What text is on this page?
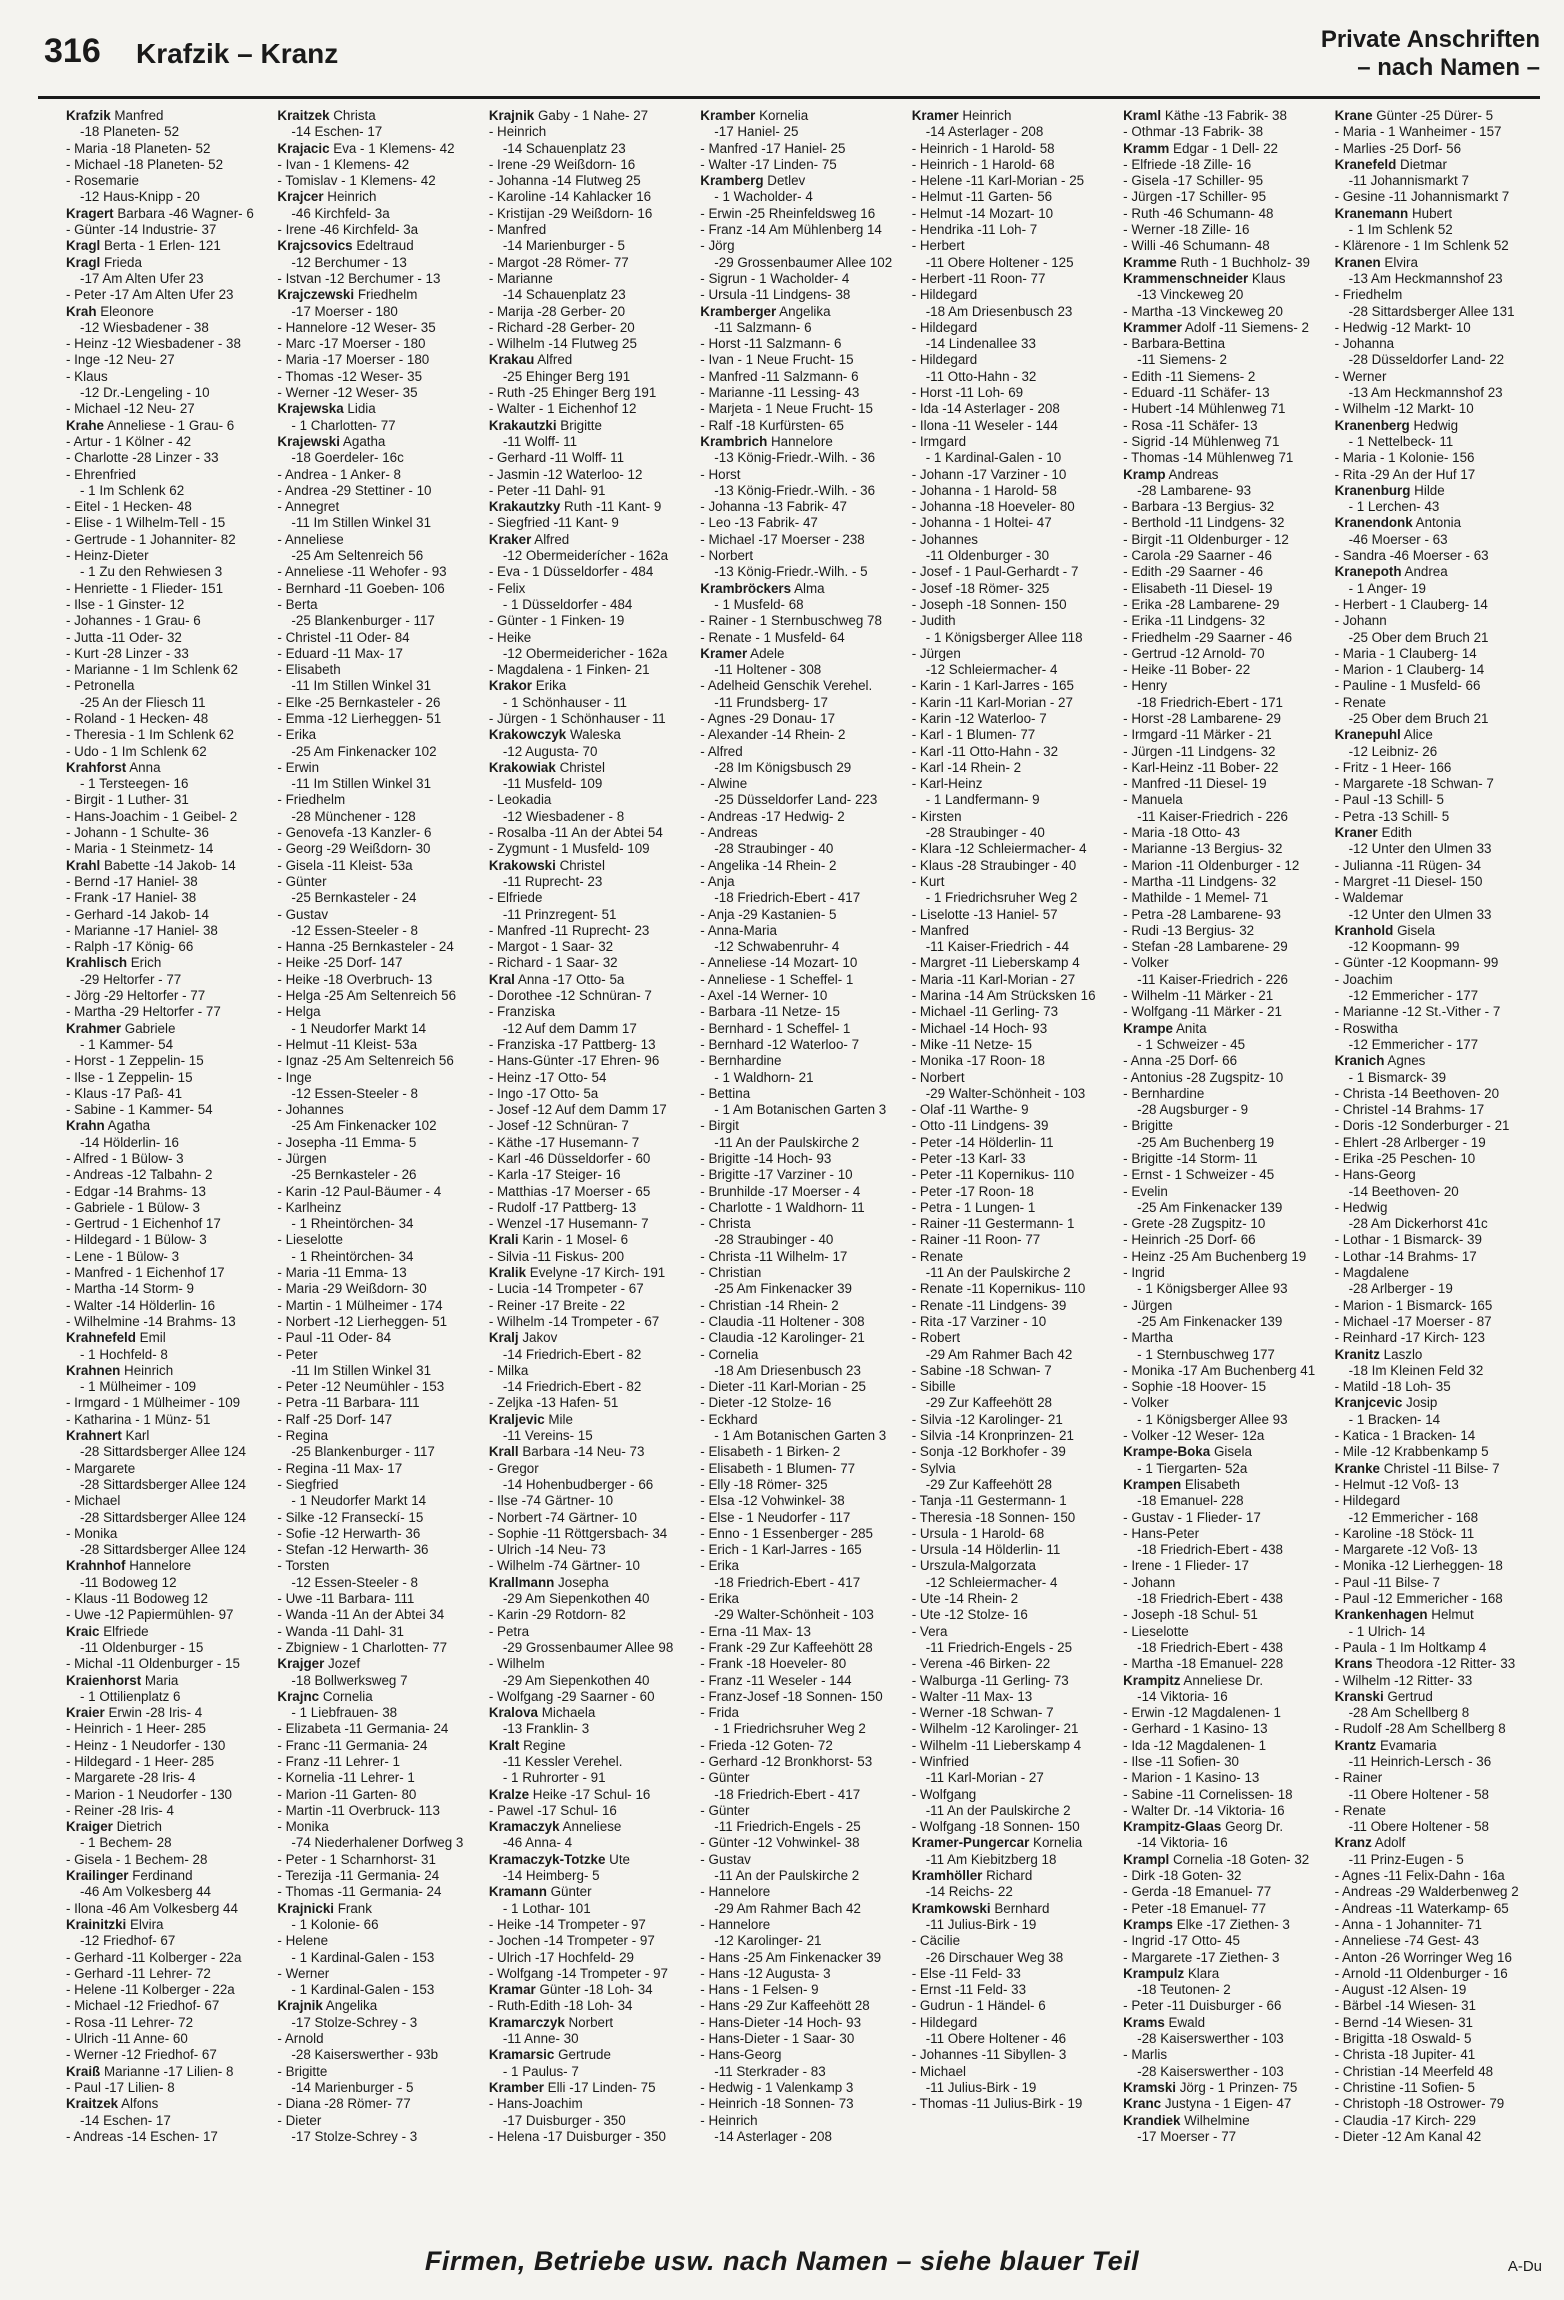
316 Krafzik – Kranz	Private Anschriften
– nach Namen –
Krafzik Manfred
-18 Planeten- 52
- Maria -18 Planeten- 52
- Michael -18 Planeten- 52
- Rosemarie
-12 Haus-Knipp - 20
Kragert Barbara -46 Wagner- 6
- Günter -14 Industrie- 37
Kragl Berta - 1 Erlen- 121
Kragl Frieda
-17 Am Alten Ufer 23
- Peter -17 Am Alten Ufer 23
Krah Eleonore
-12 Wiesbadener - 38
- Heinz -12 Wiesbadener - 38
- Inge -12 Neu- 27
- Klaus
-12 Dr.-Lengeling - 10
- Michael -12 Neu- 27
Krahe Anneliese - 1 Grau- 6
- Artur - 1 Kölner - 42
- Charlotte -28 Linzer - 33
- Ehrenfried
- 1 Im Schlenk 62
- Eitel - 1 Hecken- 48
- Elise - 1 Wilhelm-Tell - 15
- Gertrude - 1 Johanniter- 82
- Heinz-Dieter
- 1 Zu den Rehwiesen 3
- Henriette - 1 Flieder- 151
- Ilse - 1 Ginster- 12
- Johannes - 1 Grau- 6
- Jutta -11 Oder- 32
- Kurt -28 Linzer - 33
- Marianne - 1 Im Schlenk 62
- Petronella
-25 An der Fliesch 11
- Roland - 1 Hecken- 48
- Theresia - 1 Im Schlenk 62
- Udo - 1 Im Schlenk 62
Krahforst Anna
- 1 Tersteegen- 16
- Birgit - 1 Luther- 31
- Hans-Joachim - 1 Geibel- 2
- Johann - 1 Schulte- 36
- Maria - 1 Steinmetz- 14
Krahl Babette -14 Jakob- 14
- Bernd -17 Haniel- 38
- Frank -17 Haniel- 38
- Gerhard -14 Jakob- 14
- Marianne -17 Haniel- 38
- Ralph -17 König- 66
Krahlisch Erich
-29 Heltorfer - 77
- Jörg -29 Heltorfer - 77
- Martha -29 Heltorfer - 77
Krahmer Gabriele
- 1 Kammer- 54
- Horst - 1 Zeppelin- 15
- Ilse - 1 Zeppelin- 15
- Klaus -17 Paß- 41
- Sabine - 1 Kammer- 54
Krahn Agatha
-14 Hölderlin- 16
- Alfred - 1 Bülow- 3
- Andreas -12 Talbahn- 2
- Edgar -14 Brahms- 13
- Gabriele - 1 Bülow- 3
- Gertrud - 1 Eichenhof 17
- Hildegard - 1 Bülow- 3
- Lene - 1 Bülow- 3
- Manfred - 1 Eichenhof 17
- Martha -14 Storm- 9
- Walter -14 Hölderlin- 16
- Wilhelmine -14 Brahms- 13
Krahnefeld Emil
- 1 Hochfeld- 8
Krahnen Heinrich
- 1 Mülheimer - 109
- Irmgard - 1 Mülheimer - 109
- Katharina - 1 Münz- 51
Krahnert Karl
-28 Sittardsberger Allee 124
- Margarete
-28 Sittardsberger Allee 124
- Michael
-28 Sittardsberger Allee 124
- Monika
-28 Sittardsberger Allee 124
Krahnhof Hannelore
-11 Bodoweg 12
- Klaus -11 Bodoweg 12
- Uwe -12 Papiermühlen- 97
Kraic Elfriede
-11 Oldenburger - 15
- Michal -11 Oldenburger - 15
Kraienhorst Maria
- 1 Ottilienplatz 6
Kraier Erwin -28 Iris- 4
- Heinrich - 1 Heer- 285
- Heinz - 1 Neudorfer - 130
- Hildegard - 1 Heer- 285
- Margarete -28 Iris- 4
- Marion - 1 Neudorfer - 130
- Reiner -28 Iris- 4
Kraiger Dietrich
- 1 Bechem- 28
- Gisela - 1 Bechem- 28
Krailinger Ferdinand
-46 Am Volkesberg 44
- Ilona -46 Am Volkesberg 44
Krainitzki Elvira
-12 Friedhof- 67
- Gerhard -11 Kolberger - 22a
- Gerhard -11 Lehrer- 72
- Helene -11 Kolberger - 22a
- Michael -12 Friedhof- 67
- Rosa -11 Lehrer- 72
- Ulrich -11 Anne- 60
- Werner -12 Friedhof- 67
Kraiß Marianne -17 Lilien- 8
- Paul -17 Lilien- 8
Kraitzek Alfons
-14 Eschen- 17
- Andreas -14 Eschen- 17
Kraitzek Christa
-14 Eschen- 17
Krajacic Eva - 1 Klemens- 42
- Ivan - 1 Klemens- 42
- Tomislav - 1 Klemens- 42
Krajcer Heinrich
-46 Kirchfeld- 3a
- Irene -46 Kirchfeld- 3a
Krajcsovics Edeltraud
-12 Berchumer - 13
- Istvan -12 Berchumer - 13
Krajczewski Friedhelm
-17 Moerser - 180
- Hannelore -12 Weser- 35
- Marc -17 Moerser - 180
- Maria -17 Moerser - 180
- Thomas -12 Weser- 35
- Werner -12 Weser- 35
Krajewska Lidia
- 1 Charlotten- 77
Krajewski Agatha
-18 Goerdeler- 16c
- Andrea - 1 Anker- 8
- Andrea -29 Stettiner - 10
- Annegret
-11 Im Stillen Winkel 31
- Anneliese
-25 Am Seltenreich 56
- Anneliese -11 Wehofer - 93
- Bernhard -11 Goeben- 106
- Berta
-25 Blankenburger - 117
- Christel -11 Oder- 84
- Eduard -11 Max- 17
- Elisabeth
-11 Im Stillen Winkel 31
- Elke -25 Bernkasteler - 26
- Emma -12 Lierheggen- 51
- Erika
-25 Am Finkenacker 102
- Erwin
-11 Im Stillen Winkel 31
- Friedhelm
-28 Münchener - 128
- Genovefa -13 Kanzler- 6
- Georg -29 Weißdorn- 30
- Gisela -11 Kleist- 53a
- Günter
-25 Bernkasteler - 24
- Gustav
-12 Essen-Steeler - 8
- Hanna -25 Bernkasteler - 24
- Heike -25 Dorf- 147
- Heike -18 Overbruch- 13
- Helga -25 Am Seltenreich 56
- Helga
- 1 Neudorfer Markt 14
- Helmut -11 Kleist- 53a
- Ignaz -25 Am Seltenreich 56
- Inge
-12 Essen-Steeler - 8
- Johannes
-25 Am Finkenacker 102
- Josepha -11 Emma- 5
- Jürgen
-25 Bernkasteler - 26
- Karin -12 Paul-Bäumer - 4
- Karlheinz
- 1 Rheintörchen- 34
- Lieselotte
- 1 Rheintörchen- 34
- Maria -11 Emma- 13
- Maria -29 Weißdorn- 30
- Martin - 1 Mülheimer - 174
- Norbert -12 Lierheggen- 51
- Paul -11 Oder- 84
- Peter
-11 Im Stillen Winkel 31
- Peter -12 Neumühler - 153
- Petra -11 Barbara- 111
- Ralf -25 Dorf- 147
- Regina
-25 Blankenburger - 117
- Regina -11 Max- 17
- Siegfried
- 1 Neudorfer Markt 14
- Silke -12 Franseckí- 15
- Sofie -12 Herwarth- 36
- Stefan -12 Herwarth- 36
- Torsten
-12 Essen-Steeler - 8
- Uwe -11 Barbara- 111
- Wanda -11 An der Abtei 34
- Wanda -11 Dahl- 31
- Zbigniew - 1 Charlotten- 77
Krajger Jozef
-18 Bollwerksweg 7
Krajnc Cornelia
- 1 Liebfrauen- 38
- Elizabeta -11 Germania- 24
- Franc -11 Germania- 24
- Franz -11 Lehrer- 1
- Kornelia -11 Lehrer- 1
- Marion -11 Garten- 80
- Martin -11 Overbruck- 113
- Monika
-74 Niederhalener Dorfweg 3
- Peter - 1 Scharnhorst- 31
- Terezija -11 Germania- 24
- Thomas -11 Germania- 24
Krajnicki Frank
- 1 Kolonie- 66
- Helene
- 1 Kardinal-Galen - 153
- Werner
- 1 Kardinal-Galen - 153
Krajnik Angelika
-17 Stolze-Schrey - 3
- Arnold
-28 Kaiserswerther - 93b
- Brigitte
-14 Marienburger - 5
- Diana -28 Römer- 77
- Dieter
-17 Stolze-Schrey - 3
Krajnik Gaby - 1 Nahe- 27
- Heinrich
-14 Schauenplatz 23
- Irene -29 Weißdorn- 16
- Johanna -14 Flutweg 25
- Karoline -14 Kahlacker 16
- Kristijan -29 Weißdorn- 16
- Manfred
-14 Marienburger - 5
- Margot -28 Römer- 77
- Marianne
-14 Schauenplatz 23
- Marija -28 Gerber- 20
- Richard -28 Gerber- 20
- Wilhelm -14 Flutweg 25
Krakau Alfred
-25 Ehinger Berg 191
- Ruth -25 Ehinger Berg 191
- Walter - 1 Eichenhof 12
Krakautzki Brigitte
-11 Wolff- 11
- Gerhard -11 Wolff- 11
- Jasmin -12 Waterloo- 12
- Peter -11 Dahl- 91
Krakautzky Ruth -11 Kant- 9
- Siegfried -11 Kant- 9
Kraker Alfred
-12 Obermeiderícher - 162a
- Eva - 1 Düsseldorfer - 484
- Felix
- 1 Düsseldorfer - 484
- Günter - 1 Finken- 19
- Heike
-12 Obermeidericher - 162a
- Magdalena - 1 Finken- 21
Krakor Erika
- 1 Schönhauser - 11
- Jürgen - 1 Schönhauser - 11
Krakowczyk Waleska
-12 Augusta- 70
Krakowiak Christel
-11 Musfeld- 109
- Leokadia
-12 Wiesbadener - 8
- Rosalba -11 An der Abtei 54
- Zygmunt - 1 Musfeld- 109
Krakowski Christel
-11 Ruprecht- 23
- Elfriede
-11 Prinzregent- 51
- Manfred -11 Ruprecht- 23
- Margot - 1 Saar- 32
- Richard - 1 Saar- 32
Kral Anna -17 Otto- 5a
- Dorothee -12 Schnüran- 7
- Franziska
-12 Auf dem Damm 17
- Franziska -17 Pattberg- 13
- Hans-Günter -17 Ehren- 96
- Heinz -17 Otto- 54
- Ingo -17 Otto- 5a
- Josef -12 Auf dem Damm 17
- Josef -12 Schnüran- 7
- Käthe -17 Husemann- 7
- Karl -46 Düsseldorfer - 60
- Karla -17 Steiger- 16
- Matthias -17 Moerser - 65
- Rudolf -17 Pattberg- 13
- Wenzel -17 Husemann- 7
Krali Karin - 1 Mosel- 6
- Silvia -11 Fiskus- 200
Kralik Evelyne -17 Kirch- 191
- Lucia -14 Trompeter - 67
- Reiner -17 Breite - 22
- Wilhelm -14 Trompeter - 67
Kralj Jakov
-14 Friedrich-Ebert - 82
- Milka
-14 Friedrich-Ebert - 82
- Zeljka -13 Hafen- 51
Kraljevic Mile
-11 Vereins- 15
Krall Barbara -14 Neu- 73
- Gregor
-14 Hohenbudberger - 66
- Ilse -74 Gärtner- 10
- Norbert -74 Gärtner- 10
- Sophie -11 Röttgersbach- 34
- Ulrich -14 Neu- 73
- Wilhelm -74 Gärtner- 10
Krallmann Josepha
-29 Am Siepenkothen 40
- Karin -29 Rotdorn- 82
- Petra
-29 Grossenbaumer Allee 98
- Wilhelm
-29 Am Siepenkothen 40
- Wolfgang -29 Saarner - 60
Kralova Michaela
-13 Franklin- 3
Kralt Regine
-11 Kessler Verehel.
- 1 Ruhrorter - 91
Kralze Heike -17 Schul- 16
- Pawel -17 Schul- 16
Kramaczyk Anneliese
-46 Anna- 4
Kramaczyk-Totzke Ute
-14 Heimberg- 5
Kramann Günter
- 1 Lothar- 101
- Heike -14 Trompeter - 97
- Jochen -14 Trompeter - 97
- Ulrich -17 Hochfeld- 29
- Wolfgang -14 Trompeter - 97
Kramar Günter -18 Loh- 34
- Ruth-Edith -18 Loh- 34
Kramarczyk Norbert
-11 Anne- 30
Kramarsic Gertrude
- 1 Paulus- 7
Kramber Elli -17 Linden- 75
- Hans-Joachim
-17 Duisburger - 350
- Helena -17 Duisburger - 350
Kramber Kornelia
-17 Haniel- 25
- Manfred -17 Haniel- 25
- Walter -17 Linden- 75
Kramberg Detlev
- 1 Wacholder- 4
- Erwin -25 Rheinfeldsweg 16
- Franz -14 Am Mühlenberg 14
- Jörg
-29 Grossenbaumer Allee 102
- Sigrun - 1 Wacholder- 4
- Ursula -11 Lindgens- 38
Kramberger Angelika
-11 Salzmann- 6
- Horst -11 Salzmann- 6
- Ivan - 1 Neue Frucht- 15
- Manfred -11 Salzmann- 6
- Marianne -11 Lessing- 43
- Marjeta - 1 Neue Frucht- 15
- Ralf -18 Kurfürsten- 65
Krambrich Hannelore
-13 König-Friedr.-Wilh. - 36
- Horst
-13 König-Friedr.-Wilh. - 36
- Johanna -13 Fabrik- 47
- Leo -13 Fabrik- 47
- Michael -17 Moerser - 238
- Norbert
-13 König-Friedr.-Wilh. - 5
Krambröckers Alma
- 1 Musfeld- 68
- Rainer - 1 Sternbuschweg 78
- Renate - 1 Musfeld- 64
Kramer Adele
-11 Holtener - 308
- Adelheid Genschik Verehel.
-11 Frundsberg- 17
- Agnes -29 Donau- 17
- Alexander -14 Rhein- 2
- Alfred
-28 Im Königsbusch 29
- Alwine
-25 Düsseldorfer Land- 223
- Andreas -17 Hedwig- 2
- Andreas
-28 Straubinger - 40
- Angelika -14 Rhein- 2
- Anja
-18 Friedrich-Ebert - 417
- Anja -29 Kastanien- 5
- Anna-Maria
-12 Schwabenruhr- 4
- Anneliese -14 Mozart- 10
- Anneliese - 1 Scheffel- 1
- Axel -14 Werner- 10
- Barbara -11 Netze- 15
- Bernhard - 1 Scheffel- 1
- Bernhard -12 Waterloo- 7
- Bernhardine
- 1 Waldhorn- 21
- Bettina
- 1 Am Botanischen Garten 3
- Birgit
-11 An der Paulskirche 2
- Brigitte -14 Hoch- 93
- Brigitte -17 Varziner - 10
- Brunhilde -17 Moerser - 4
- Charlotte - 1 Waldhorn- 11
- Christa
-28 Straubinger - 40
- Christa -11 Wilhelm- 17
- Christian
-25 Am Finkenacker 39
- Christian -14 Rhein- 2
- Claudia -11 Holtener - 308
- Claudia -12 Karolinger- 21
- Cornelia
-18 Am Driesenbusch 23
- Dieter -11 Karl-Morian - 25
- Dieter -12 Stolze- 16
- Eckhard
- 1 Am Botanischen Garten 3
- Elisabeth - 1 Birken- 2
- Elisabeth - 1 Blumen- 77
- Elly -18 Römer- 325
- Elsa -12 Vohwinkel- 38
- Else - 1 Neudorfer - 117
- Enno - 1 Essenberger - 285
- Erich - 1 Karl-Jarres - 165
- Erika
-18 Friedrich-Ebert - 417
- Erika
-29 Walter-Schönheit - 103
- Erna -11 Max- 13
- Frank -29 Zur Kaffeehött 28
- Frank -18 Hoeveler- 80
- Franz -11 Weseler - 144
- Franz-Josef -18 Sonnen- 150
- Frida
- 1 Friedrichsruher Weg 2
- Frieda -12 Goten- 72
- Gerhard -12 Bronkhorst- 53
- Günter
-18 Friedrich-Ebert - 417
- Günter
-11 Friedrich-Engels - 25
- Günter -12 Vohwinkel- 38
- Gustav
-11 An der Paulskirche 2
- Hannelore
-29 Am Rahmer Bach 42
- Hannelore
-12 Karolinger- 21
- Hans -25 Am Finkenacker 39
- Hans -12 Augusta- 3
- Hans - 1 Felsen- 9
- Hans -29 Zur Kaffeehött 28
- Hans-Dieter -14 Hoch- 93
- Hans-Dieter - 1 Saar- 30
- Hans-Georg
-11 Sterkrader - 83
- Hedwig - 1 Valenkamp 3
- Heinrich -18 Sonnen- 73
- Heinrich
-14 Asterlager - 208
Kramer Heinrich
-14 Asterlager - 208
- Heinrich - 1 Harold- 58
- Heinrich - 1 Harold- 68
- Helene -11 Karl-Morian - 25
- Helmut -11 Garten- 56
- Helmut -14 Mozart- 10
- Hendrika -11 Loh- 7
- Herbert
-11 Obere Holtener - 125
- Herbert -11 Roon- 77
- Hildegard
-18 Am Driesenbusch 23
- Hildegard
-14 Lindenallee 33
- Hildegard
-11 Otto-Hahn - 32
- Horst -11 Loh- 69
- Ida -14 Asterlager - 208
- Ilona -11 Weseler - 144
- Irmgard
- 1 Kardinal-Galen - 10
- Johann -17 Varziner - 10
- Johanna - 1 Harold- 58
- Johanna -18 Hoeveler- 80
- Johanna - 1 Holtei- 47
- Johannes
-11 Oldenburger - 30
- Josef - 1 Paul-Gerhardt - 7
- Josef -18 Römer- 325
- Joseph -18 Sonnen- 150
- Judith
- 1 Königsberger Allee 118
- Jürgen
-12 Schleiermacher- 4
- Karin - 1 Karl-Jarres - 165
- Karin -11 Karl-Morian - 27
- Karin -12 Waterloo- 7
- Karl - 1 Blumen- 77
- Karl -11 Otto-Hahn - 32
- Karl -14 Rhein- 2
- Karl-Heinz
- 1 Landfermann- 9
- Kirsten
-28 Straubinger - 40
- Klara -12 Schleiermacher- 4
- Klaus -28 Straubinger - 40
- Kurt
- 1 Friedrichsruher Weg 2
- Liselotte -13 Haniel- 57
- Manfred
-11 Kaiser-Friedrich - 44
- Margret -11 Lieberskamp 4
- Maria -11 Karl-Morian - 27
- Marina -14 Am Strücksken 16
- Michael -11 Gerling- 73
- Michael -14 Hoch- 93
- Mike -11 Netze- 15
- Monika -17 Roon- 18
- Norbert
-29 Walter-Schönheit - 103
- Olaf -11 Warthe- 9
- Otto -11 Lindgens- 39
- Peter -14 Hölderlin- 11
- Peter -13 Karl- 33
- Peter -11 Kopernikus- 110
- Peter -17 Roon- 18
- Petra - 1 Lungen- 1
- Rainer -11 Gestermann- 1
- Rainer -11 Roon- 77
- Renate
-11 An der Paulskirche 2
- Renate -11 Kopernikus- 110
- Renate -11 Lindgens- 39
- Rita -17 Varziner - 10
- Robert
-29 Am Rahmer Bach 42
- Sabine -18 Schwan- 7
- Sibille
-29 Zur Kaffeehött 28
- Silvia -12 Karolinger- 21
- Silvia -14 Kronprinzen- 21
- Sonja -12 Borkhofer - 39
- Sylvia
-29 Zur Kaffeehött 28
- Tanja -11 Gestermann- 1
- Theresia -18 Sonnen- 150
- Ursula - 1 Harold- 68
- Ursula -14 Hölderlin- 11
- Urszula-Malgorzata
-12 Schleiermacher- 4
- Ute -14 Rhein- 2
- Ute -12 Stolze- 16
- Vera
-11 Friedrich-Engels - 25
- Verena -46 Birken- 22
- Walburga -11 Gerling- 73
- Walter -11 Max- 13
- Werner -18 Schwan- 7
- Wilhelm -12 Karolinger- 21
- Wilhelm -11 Lieberskamp 4
- Winfried
-11 Karl-Morian - 27
- Wolfgang
-11 An der Paulskirche 2
- Wolfgang -18 Sonnen- 150
Kramer-Pungercar Kornelia
-11 Am Kiebitzberg 18
Kramhöller Richard
-14 Reichs- 22
Kramkowski Bernhard
-11 Julius-Birk - 19
- Cäcilie
-26 Dirschauer Weg 38
- Else -11 Feld- 33
- Ernst -11 Feld- 33
- Gudrun - 1 Händel- 6
- Hildegard
-11 Obere Holtener - 46
- Johannes -11 Sibyllen- 3
- Michael
-11 Julius-Birk - 19
- Thomas -11 Julius-Birk - 19
Kraml Käthe -13 Fabrik- 38
- Othmar -13 Fabrik- 38
Kramm Edgar - 1 Dell- 22
- Elfriede -18 Zille- 16
- Gisela -17 Schiller- 95
- Jürgen -17 Schiller- 95
- Ruth -46 Schumann- 48
- Werner -18 Zille- 16
- Willi -46 Schumann- 48
Kramme Ruth - 1 Buchholz- 39
Krammenschneider Klaus
-13 Vinckeweg 20
- Martha -13 Vinckeweg 20
Krammer Adolf -11 Siemens- 2
- Barbara-Bettina
-11 Siemens- 2
- Edith -11 Siemens- 2
- Eduard -11 Schäfer- 13
- Hubert -14 Mühlenweg 71
- Rosa -11 Schäfer- 13
- Sigrid -14 Mühlenweg 71
- Thomas -14 Mühlenweg 71
Kramp Andreas
-28 Lambarene- 93
- Barbara -13 Bergius- 32
- Berthold -11 Lindgens- 32
- Birgit -11 Oldenburger - 12
- Carola -29 Saarner - 46
- Edith -29 Saarner - 46
- Elisabeth -11 Diesel- 19
- Erika -28 Lambarene- 29
- Erika -11 Lindgens- 32
- Friedhelm -29 Saarner - 46
- Gertrud -12 Arnold- 70
- Heike -11 Bober- 22
- Henry
-18 Friedrich-Ebert - 171
- Horst -28 Lambarene- 29
- Irmgard -11 Märker - 21
- Jürgen -11 Lindgens- 32
- Karl-Heinz -11 Bober- 22
- Manfred -11 Diesel- 19
- Manuela
-11 Kaiser-Friedrich - 226
- Maria -18 Otto- 43
- Marianne -13 Bergius- 32
- Marion -11 Oldenburger - 12
- Martha -11 Lindgens- 32
- Mathilde - 1 Memel- 71
- Petra -28 Lambarene- 93
- Rudi -13 Bergius- 32
- Stefan -28 Lambarene- 29
- Volker
-11 Kaiser-Friedrich - 226
- Wilhelm -11 Märker - 21
- Wolfgang -11 Märker - 21
Krampe Anita
- 1 Schweizer - 45
- Anna -25 Dorf- 66
- Antonius -28 Zugspitz- 10
- Bernhardine
-28 Augsburger - 9
- Brigitte
-25 Am Buchenberg 19
- Brigitte -14 Storm- 11
- Ernst - 1 Schweizer - 45
- Evelin
-25 Am Finkenacker 139
- Grete -28 Zugspitz- 10
- Heinrich -25 Dorf- 66
- Heinz -25 Am Buchenberg 19
- Ingrid
- 1 Königsberger Allee 93
- Jürgen
-25 Am Finkenacker 139
- Martha
- 1 Sternbuschweg 177
- Monika -17 Am Buchenberg 41
- Sophie -18 Hoover- 15
- Volker
- 1 Königsberger Allee 93
- Volker -12 Weser- 12a
Krampe-Boka Gisela
- 1 Tiergarten- 52a
Krampen Elisabeth
-18 Emanuel- 228
- Gustav - 1 Flieder- 17
- Hans-Peter
-18 Friedrich-Ebert - 438
- Irene - 1 Flieder- 17
- Johann
-18 Friedrich-Ebert - 438
- Joseph -18 Schul- 51
- Lieselotte
-18 Friedrich-Ebert - 438
- Martha -18 Emanuel- 228
Krampitz Anneliese Dr.
-14 Viktoria- 16
- Erwin -12 Magdalenen- 1
- Gerhard - 1 Kasino- 13
- Ida -12 Magdalenen- 1
- Ilse -11 Sofien- 30
- Marion - 1 Kasino- 13
- Sabine -11 Cornelissen- 18
- Walter Dr. -14 Viktoria- 16
Krampitz-Glaas Georg Dr.
-14 Viktoria- 16
Krampl Cornelia -18 Goten- 32
- Dirk -18 Goten- 32
- Gerda -18 Emanuel- 77
- Peter -18 Emanuel- 77
Kramps Elke -17 Ziethen- 3
- Ingrid -17 Otto- 45
- Margarete -17 Ziethen- 3
Krampulz Klara
-18 Teutonen- 2
- Peter -11 Duisburger - 66
Krams Ewald
-28 Kaiserswerther - 103
- Marlis
-28 Kaiserswerther - 103
Kramski Jörg - 1 Prinzen- 75
Kranc Justyna - 1 Eigen- 47
Krandiek Wilhelmine
-17 Moerser - 77
Krane Günter -25 Dürer- 5
- Maria - 1 Wanheimer - 157
- Marlies -25 Dorf- 56
Kranefeld Dietmar
-11 Johannismarkt 7
- Gesine -11 Johannismarkt 7
Kranemann Hubert
- 1 Im Schlenk 52
- Klärenore - 1 Im Schlenk 52
Kranen Elvira
-13 Am Heckmannshof 23
- Friedhelm
-28 Sittardsberger Allee 131
- Hedwig -12 Markt- 10
- Johanna
-28 Düsseldorfer Land- 22
- Werner
-13 Am Heckmannshof 23
- Wilhelm -12 Markt- 10
Kranenberg Hedwig
- 1 Nettelbeck- 11
- Maria - 1 Kolonie- 156
- Rita -29 An der Huf 17
Kranenburg Hilde
- 1 Lerchen- 43
Kranendonk Antonia
-46 Moerser - 63
- Sandra -46 Moerser - 63
Kranepoth Andrea
- 1 Anger- 19
- Herbert - 1 Clauberg- 14
- Johann
-25 Ober dem Bruch 21
- Maria - 1 Clauberg- 14
- Marion - 1 Clauberg- 14
- Pauline - 1 Musfeld- 66
- Renate
-25 Ober dem Bruch 21
Kranepuhl Alice
-12 Leibniz- 26
- Fritz - 1 Heer- 166
- Margarete -18 Schwan- 7
- Paul -13 Schill- 5
- Petra -13 Schill- 5
Kraner Edith
-12 Unter den Ulmen 33
- Julianna -11 Rügen- 34
- Margret -11 Diesel- 150
- Waldemar
-12 Unter den Ulmen 33
Kranhold Gisela
-12 Koopmann- 99
- Günter -12 Koopmann- 99
- Joachim
-12 Emmericher - 177
- Marianne -12 St.-Vither - 7
- Roswitha
-12 Emmericher - 177
Kranich Agnes
- 1 Bismarck- 39
- Christa -14 Beethoven- 20
- Christel -14 Brahms- 17
- Doris -12 Sonderburger - 21
- Ehlert -28 Arlberger - 19
- Erika -25 Peschen- 10
- Hans-Georg
-14 Beethoven- 20
- Hedwig
-28 Am Dickerhorst 41c
- Lothar - 1 Bismarck- 39
- Lothar -14 Brahms- 17
- Magdalene
-28 Arlberger - 19
- Marion - 1 Bismarck- 165
- Michael -17 Moerser - 87
- Reinhard -17 Kirch- 123
Kranitz Laszlo
-18 Im Kleinen Feld 32
- Matild -18 Loh- 35
Kranjcevic Josip
- 1 Bracken- 14
- Katica - 1 Bracken- 14
- Mile -12 Krabbenkamp 5
Kranke Christel -11 Bilse- 7
- Helmut -12 Voß- 13
- Hildegard
-12 Emmericher - 168
- Karoline -18 Stöck- 11
- Margarete -12 Voß- 13
- Monika -12 Lierheggen- 18
- Paul -11 Bilse- 7
- Paul -12 Emmericher - 168
Krankenhagen Helmut
- 1 Ulrich- 14
- Paula - 1 Im Holtkamp 4
Krans Theodora -12 Ritter- 33
- Wilhelm -12 Ritter- 33
Kranski Gertrud
-28 Am Schellberg 8
- Rudolf -28 Am Schellberg 8
Krantz Evamaria
-11 Heinrich-Lersch - 36
- Rainer
-11 Obere Holtener - 58
- Renate
-11 Obere Holtener - 58
Kranz Adolf
-11 Prinz-Eugen - 5
- Agnes -11 Felix-Dahn - 16a
- Andreas -29 Walderbenweg 2
- Andreas -11 Waterkamp- 65
- Anna - 1 Johanniter- 71
- Anneliese -74 Gest- 43
- Anton -26 Worringer Weg 16
- Arnold -11 Oldenburger - 16
- August -12 Alsen- 19
- Bärbel -14 Wiesen- 31
- Bernd -14 Wiesen- 31
- Brigitta -18 Oswald- 5
- Christa -18 Jupiter- 41
- Christian -14 Meerfeld 48
- Christine -11 Sofien- 5
- Christoph -18 Ostrower- 79
- Claudia -17 Kirch- 229
- Dieter -12 Am Kanal 42
Firmen, Betriebe usw. nach Namen – siehe blauer Teil	A-Du
